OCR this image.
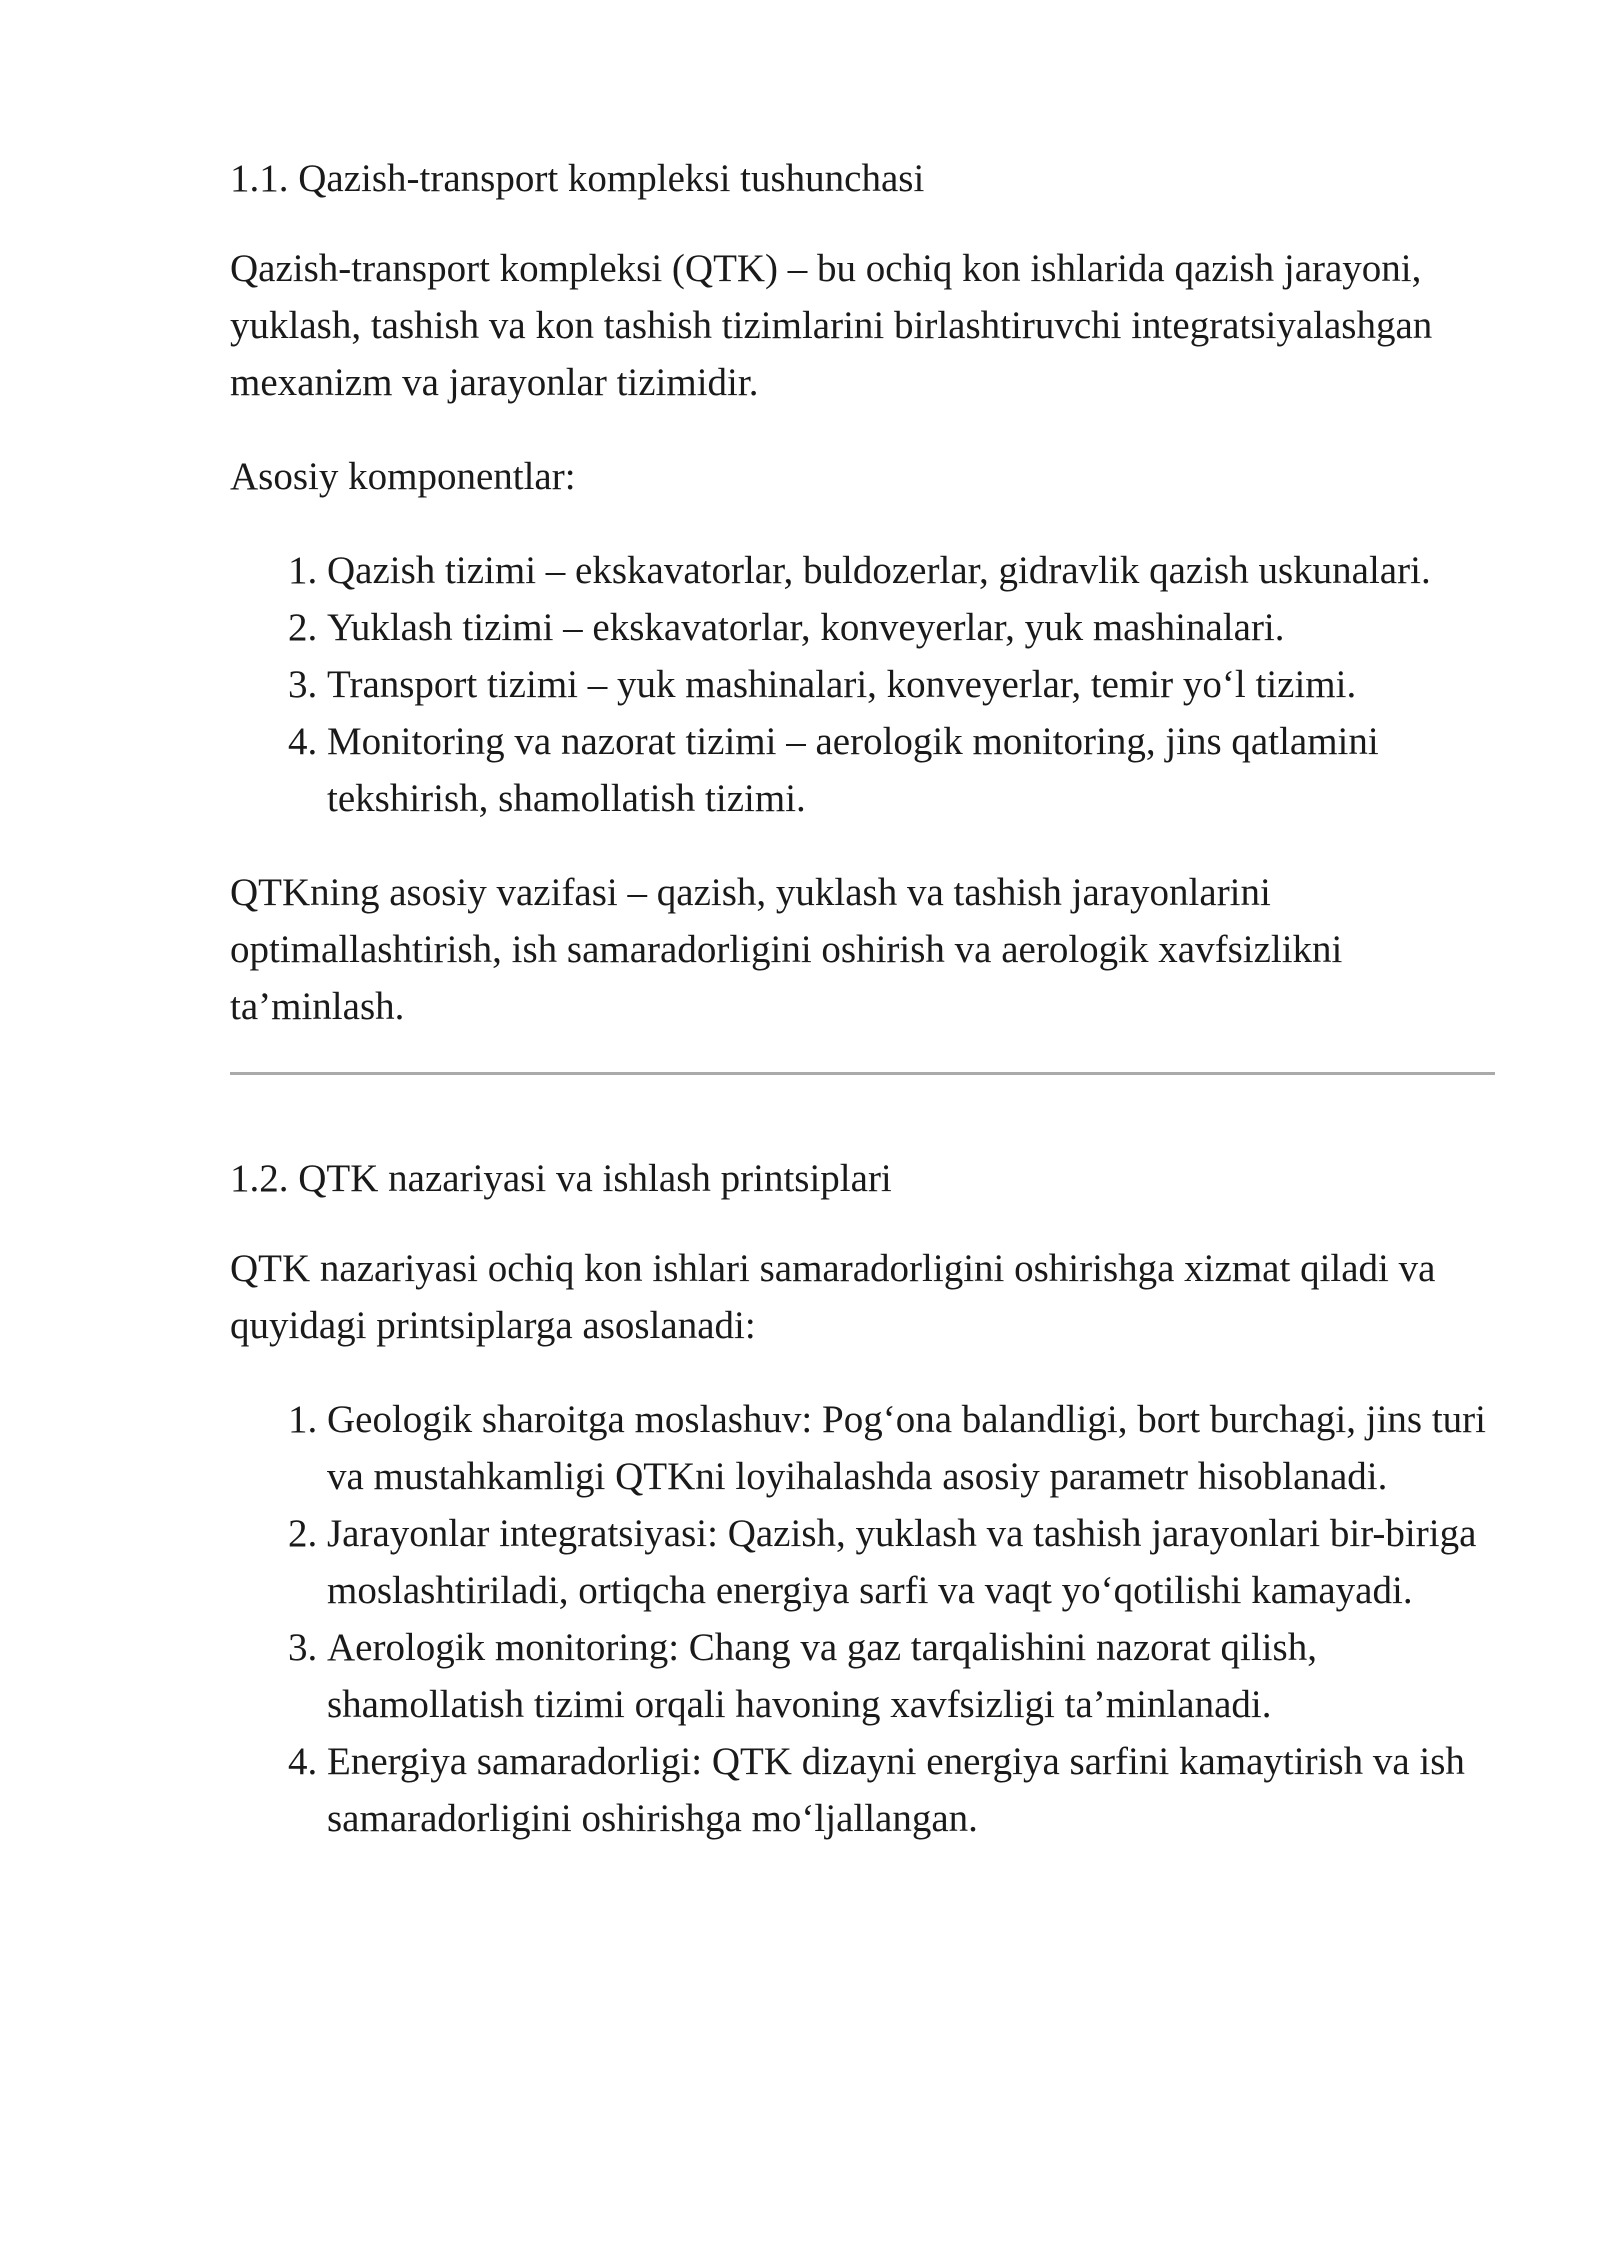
1.1. Qazish-transport kompleksi tushunchasi

Qazish-transport kompleksi (QTK) – bu ochiq kon ishlarida qazish jarayoni, yuklash, tashish va kon tashish tizimlarini birlashtiruvchi integratsiyalashgan mexanizm va jarayonlar tizimidir.

Asosiy komponentlar:

1. Qazish tizimi – ekskavatorlar, buldozerlar, gidravlik qazish uskunalari.
2. Yuklash tizimi – ekskavatorlar, konveyerlar, yuk mashinalari.
3. Transport tizimi – yuk mashinalari, konveyerlar, temir yo‘l tizimi.
4. Monitoring va nazorat tizimi – aerologik monitoring, jins qatlamini tekshirish, shamollatish tizimi.

QTKning asosiy vazifasi – qazish, yuklash va tashish jarayonlarini optimallashtirish, ish samaradorligini oshirish va aerologik xavfsizlikni ta’minlash.

1.2. QTK nazariyasi va ishlash printsiplari

QTK nazariyasi ochiq kon ishlari samaradorligini oshirishga xizmat qiladi va quyidagi printsiplarga asoslanadi:

1. Geologik sharoitga moslashuv: Pog‘ona balandligi, bort burchagi, jins turi va mustahkamligi QTKni loyihalashda asosiy parametr hisoblanadi.
2. Jarayonlar integratsiyasi: Qazish, yuklash va tashish jarayonlari bir-biriga moslashtiriladi, ortiqcha energiya sarfi va vaqt yo‘qotilishi kamayadi.
3. Aerologik monitoring: Chang va gaz tarqalishini nazorat qilish, shamollatish tizimi orqali havoning xavfsizligi ta’minlanadi.
4. Energiya samaradorligi: QTK dizayni energiya sarfini kamaytirish va ish samaradorligini oshirishga mo‘ljallangan.
